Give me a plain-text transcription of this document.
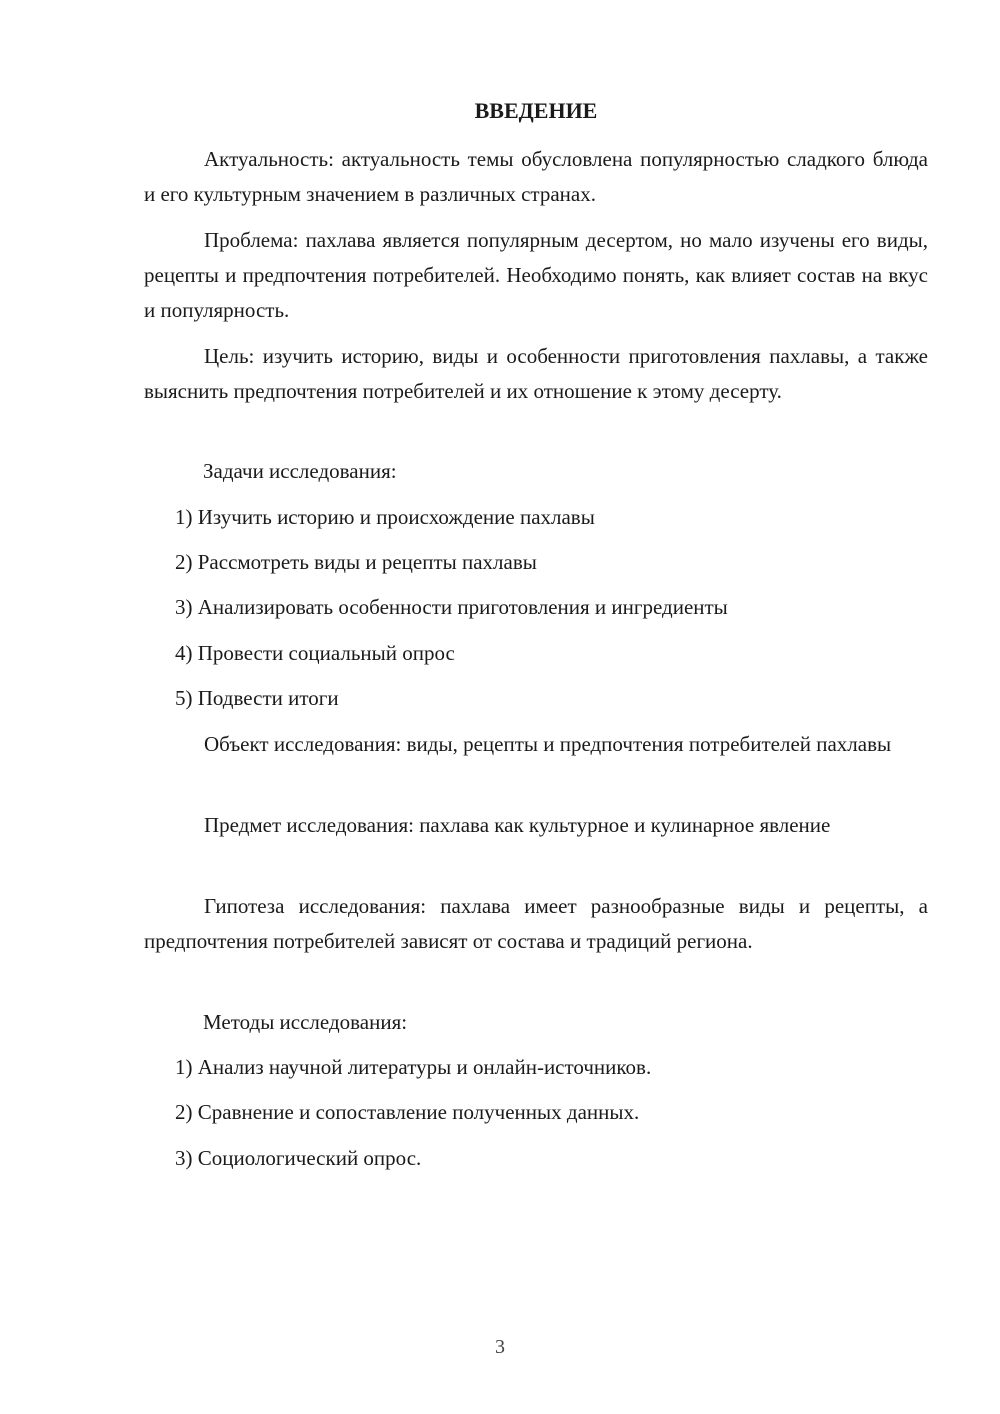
ВВЕДЕНИЕ

Актуальность: актуальность темы обусловлена популярностью сладкого блюда и его культурным значением в различных странах.

Проблема: пахлава является популярным десертом, но мало изучены его виды, рецепты и предпочтения потребителей. Необходимо понять, как влияет состав на вкус и популярность.

Цель: изучить историю, виды и особенности приготовления пахлавы, а также выяснить предпочтения потребителей и их отношение к этому десерту.

Задачи исследования:

1) Изучить историю и происхождение пахлавы

2) Рассмотреть виды и рецепты пахлавы

3) Анализировать особенности приготовления и ингредиенты

4) Провести социальный опрос

5) Подвести итоги

Объект исследования: виды, рецепты и предпочтения потребителей пахлавы

Предмет исследования: пахлава как культурное и кулинарное явление

Гипотеза исследования: пахлава имеет разнообразные виды и рецепты, а предпочтения потребителей зависят от состава и традиций региона.

Методы исследования:

1) Анализ научной литературы и онлайн-источников.

2) Сравнение и сопоставление полученных данных.

3) Социологический опрос.

3
